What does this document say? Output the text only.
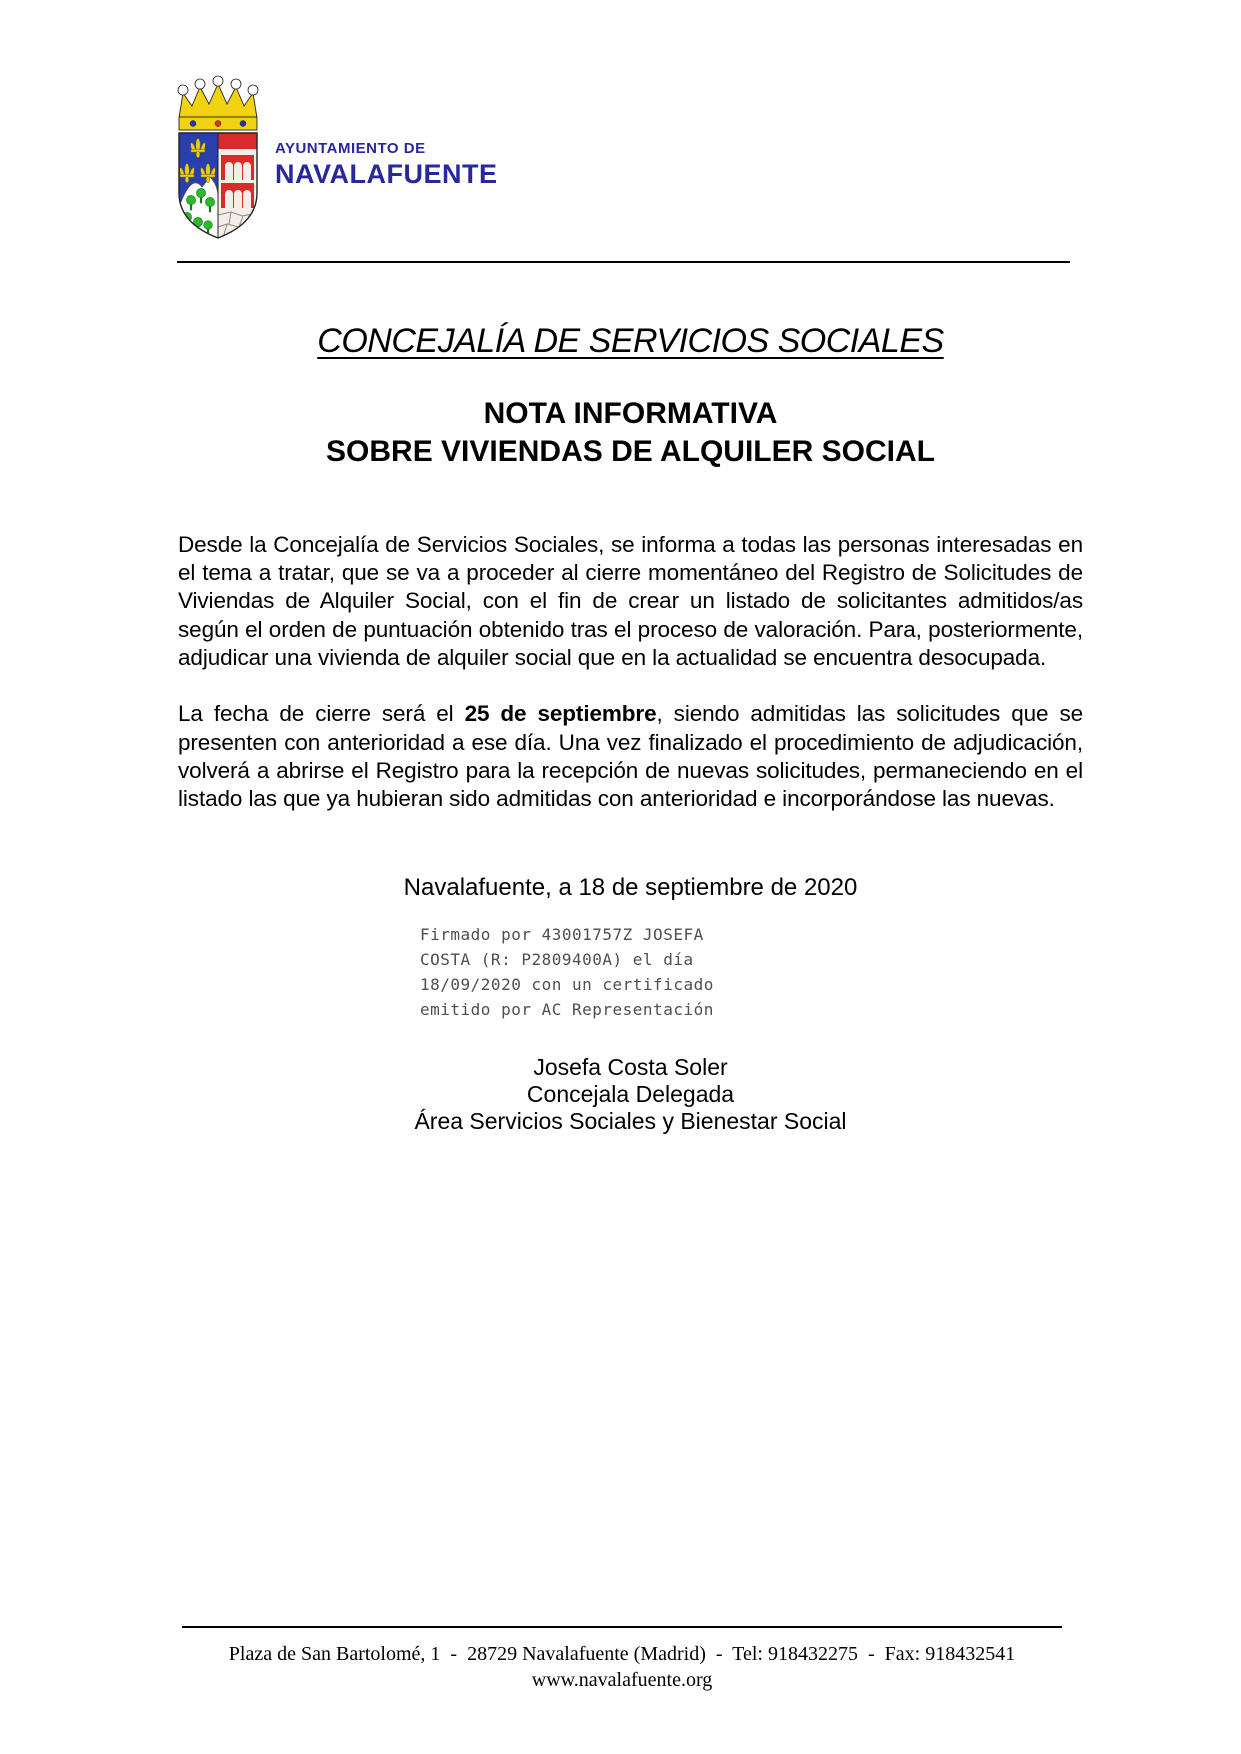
AYUNTAMIENTO DE
NAVALAFUENTE
CONCEJALÍA DE SERVICIOS SOCIALES
NOTA INFORMATIVA
SOBRE VIVIENDAS DE ALQUILER SOCIAL

Desde la Concejalía de Servicios Sociales, se informa a todas las personas interesadas en el tema a tratar, que se va a proceder al cierre momentáneo del Registro de Solicitudes de Viviendas de Alquiler Social, con el fin de crear un listado de solicitantes admitidos/as según el orden de puntuación obtenido tras el proceso de valoración. Para, posteriormente, adjudicar una vivienda de alquiler social que en la actualidad se encuentra desocupada.

La fecha de cierre será el 25 de septiembre, siendo admitidas las solicitudes que se presenten con anterioridad a ese día. Una vez finalizado el procedimiento de adjudicación, volverá a abrirse el Registro para la recepción de nuevas solicitudes, permaneciendo en el listado las que ya hubieran sido admitidas con anterioridad e incorporándose las nuevas.

Navalafuente, a 18 de septiembre de 2020
Firmado por 43001757Z JOSEFA
COSTA (R: P2809400A) el día
18/09/2020 con un certificado
emitido por AC Representación
Josefa Costa Soler
Concejala Delegada
Área Servicios Sociales y Bienestar Social
Plaza de San Bartolomé, 1  -  28729 Navalafuente (Madrid)  -  Tel: 918432275  -  Fax: 918432541
www.navalafuente.org
